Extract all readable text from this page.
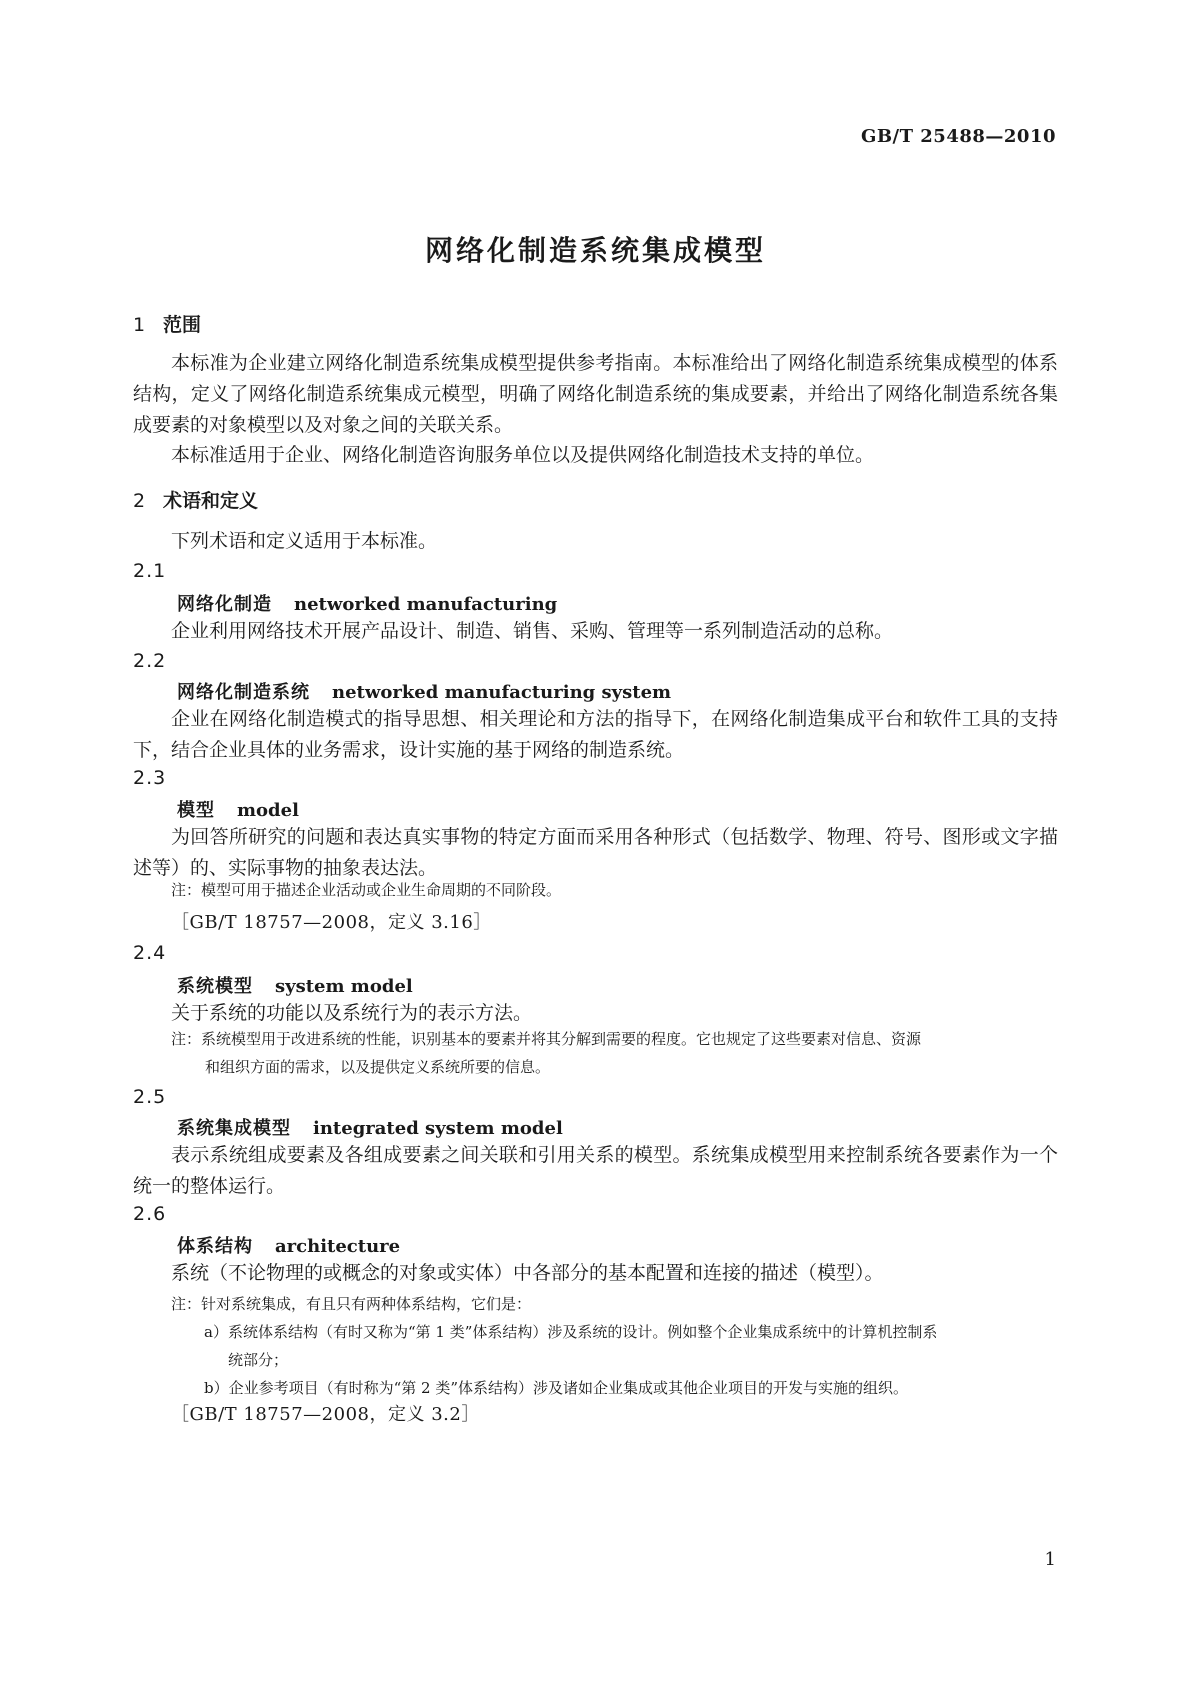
GB/T 25488—2010
网络化制造系统集成模型
1 范围
本标准为企业建立网络化制造系统集成模型提供参考指南。本标准给出了网络化制造系统集成模型的体系结构，定义了网络化制造系统集成元模型，明确了网络化制造系统的集成要素，并给出了网络化制造系统各集成要素的对象模型以及对象之间的关联关系。
本标准适用于企业、网络化制造咨询服务单位以及提供网络化制造技术支持的单位。
2 术语和定义
下列术语和定义适用于本标准。
2.1
网络化制造 networked manufacturing
企业利用网络技术开展产品设计、制造、销售、采购、管理等一系列制造活动的总称。
2.2
网络化制造系统 networked manufacturing system
企业在网络化制造模式的指导思想、相关理论和方法的指导下，在网络化制造集成平台和软件工具的支持下，结合企业具体的业务需求，设计实施的基于网络的制造系统。
2.3
模型 model
为回答所研究的问题和表达真实事物的特定方面而采用各种形式（包括数学、物理、符号、图形或文字描述等）的、实际事物的抽象表达法。
注：模型可用于描述企业活动或企业生命周期的不同阶段。
［GB/T 18757—2008，定义 3.16］
2.4
系统模型 system model
关于系统的功能以及系统行为的表示方法。
注：系统模型用于改进系统的性能，识别基本的要素并将其分解到需要的程度。它也规定了这些要素对信息、资源
和组织方面的需求，以及提供定义系统所要的信息。
2.5
系统集成模型 integrated system model
表示系统组成要素及各组成要素之间关联和引用关系的模型。系统集成模型用来控制系统各要素作为一个统一的整体运行。
2.6
体系结构 architecture
系统（不论物理的或概念的对象或实体）中各部分的基本配置和连接的描述（模型）。
注：针对系统集成，有且只有两种体系结构，它们是：
a）系统体系结构（有时又称为“第 1 类”体系结构）涉及系统的设计。例如整个企业集成系统中的计算机控制系
统部分；
b）企业参考项目（有时称为“第 2 类”体系结构）涉及诸如企业集成或其他企业项目的开发与实施的组织。
［GB/T 18757—2008，定义 3.2］
1
